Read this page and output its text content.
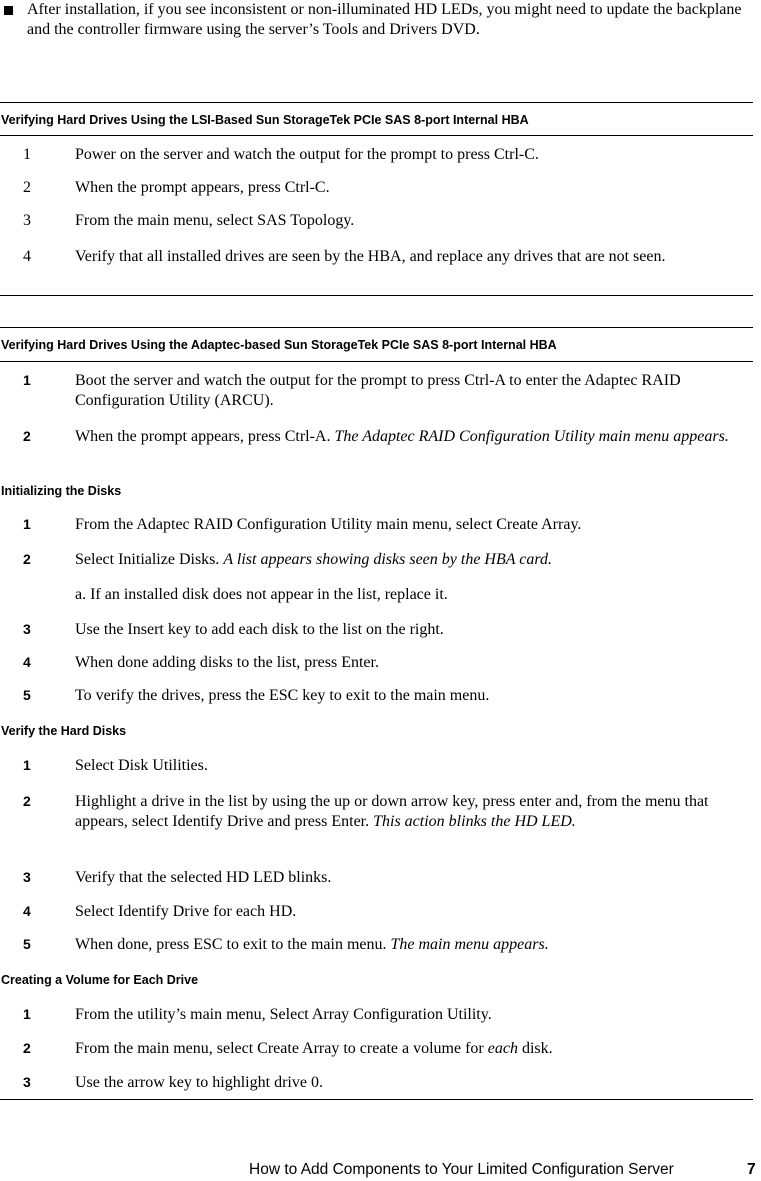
After installation, if you see inconsistent or non-illuminated HD LEDs, you might need to update the backplane and the controller firmware using the server’s Tools and Drivers DVD.
Verifying Hard Drives Using the LSI-Based Sun StorageTek PCIe SAS 8-port Internal HBA
1	Power on the server and watch the output for the prompt to press Ctrl-C.
2	When the prompt appears, press Ctrl-C.
3	From the main menu, select SAS Topology.
4	Verify that all installed drives are seen by the HBA, and replace any drives that are not seen.
Verifying Hard Drives Using the Adaptec-based Sun StorageTek PCIe SAS 8-port Internal HBA
1	Boot the server and watch the output for the prompt to press Ctrl-A to enter the Adaptec RAID Configuration Utility (ARCU).
2	When the prompt appears, press Ctrl-A. The Adaptec RAID Configuration Utility main menu appears.
Initializing the Disks
1	From the Adaptec RAID Configuration Utility main menu, select Create Array.
2	Select Initialize Disks. A list appears showing disks seen by the HBA card.
a. If an installed disk does not appear in the list, replace it.
3	Use the Insert key to add each disk to the list on the right.
4	When done adding disks to the list, press Enter.
5	To verify the drives, press the ESC key to exit to the main menu.
Verify the Hard Disks
1	Select Disk Utilities.
2	Highlight a drive in the list by using the up or down arrow key, press enter and, from the menu that appears, select Identify Drive and press Enter. This action blinks the HD LED.
3	Verify that the selected HD LED blinks.
4	Select Identify Drive for each HD.
5	When done, press ESC to exit to the main menu. The main menu appears.
Creating a Volume for Each Drive
1	From the utility’s main menu, Select Array Configuration Utility.
2	From the main menu, select Create Array to create a volume for each disk.
3	Use the arrow key to highlight drive 0.
How to Add Components to Your Limited Configuration Server	7
